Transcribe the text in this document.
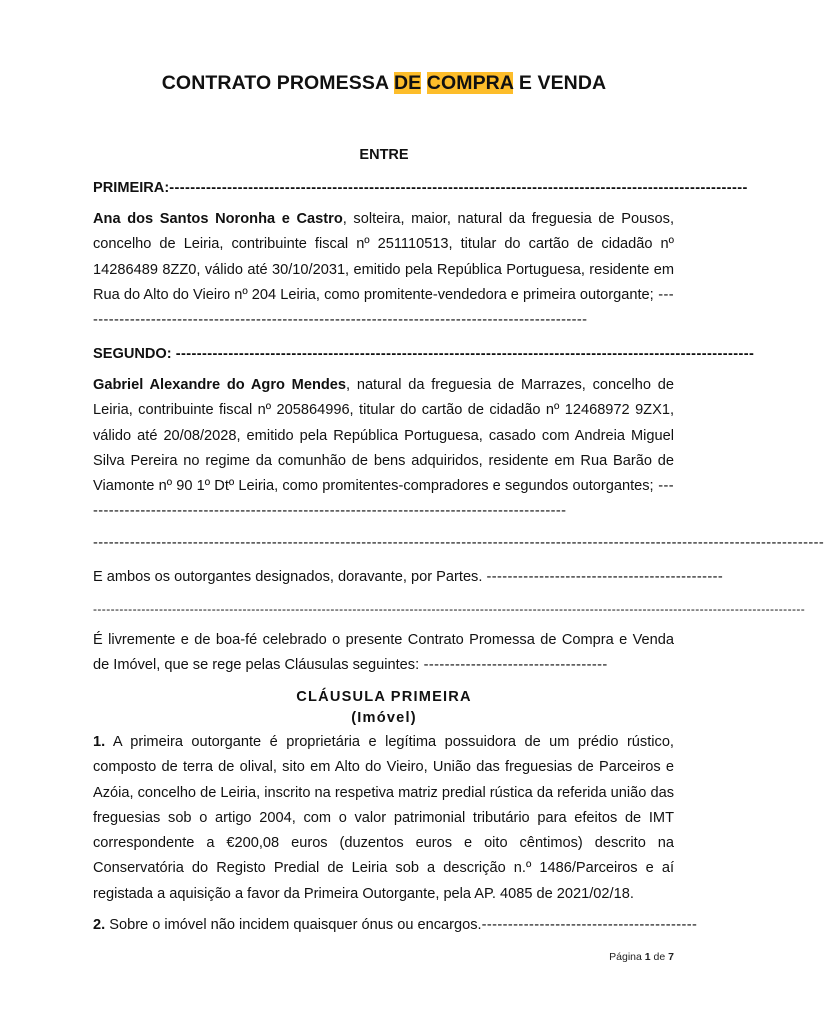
CONTRATO PROMESSA DE COMPRA E VENDA
ENTRE
PRIMEIRA:--------------------------------------------------------------------------------------------------------------
Ana dos Santos Noronha e Castro, solteira, maior, natural da freguesia de Pousos, concelho de Leiria, contribuinte fiscal nº 251110513, titular do cartão de cidadão nº 14286489 8ZZ0, válido até 30/10/2031, emitido pela República Portuguesa, residente em Rua do Alto do Vieiro nº 204 Leiria, como promitente-vendedora e primeira outorgante; -------------------------------------------------------------------------------------------------
SEGUNDO: --------------------------------------------------------------------------------------------------------------
Gabriel Alexandre do Agro Mendes, natural da freguesia de Marrazes, concelho de Leiria, contribuinte fiscal nº 205864996, titular do cartão de cidadão nº 12468972 9ZX1, válido até 20/08/2028, emitido pela República Portuguesa, casado com Andreia Miguel Silva Pereira no regime da comunhão de bens adquiridos, residente em Rua Barão de Viamonte nº 90 1º Dtº Leiria, como promitentes-compradores e segundos outorgantes; ---------------------------------------------------------------------------------------------
-------------------------------------------------------------------------------------------------------------------------------------------
E ambos os outorgantes designados, doravante, por Partes. ---------------------------------------------
------------------------------------------------------------------------------------------------------------------------------------------------------------------
É livremente e de boa-fé celebrado o presente Contrato Promessa de Compra e Venda de Imóvel, que se rege pelas Cláusulas seguintes: -----------------------------------
CLÁUSULA PRIMEIRA
(Imóvel)
1. A primeira outorgante é proprietária e legítima possuidora de um prédio rústico, composto de terra de olival, sito em Alto do Vieiro, União das freguesias de Parceiros e Azóia, concelho de Leiria, inscrito na respetiva matriz predial rústica da referida união das freguesias sob o artigo 2004, com o valor patrimonial tributário para efeitos de IMT correspondente a €200,08 euros (duzentos euros e oito cêntimos) descrito na Conservatória do Registo Predial de Leiria sob a descrição n.º 1486/Parceiros e aí registada a aquisição a favor da Primeira Outorgante, pela AP. 4085 de 2021/02/18.
2. Sobre o imóvel não incidem quaisquer ónus ou encargos.-----------------------------------------
Página 1 de 7
